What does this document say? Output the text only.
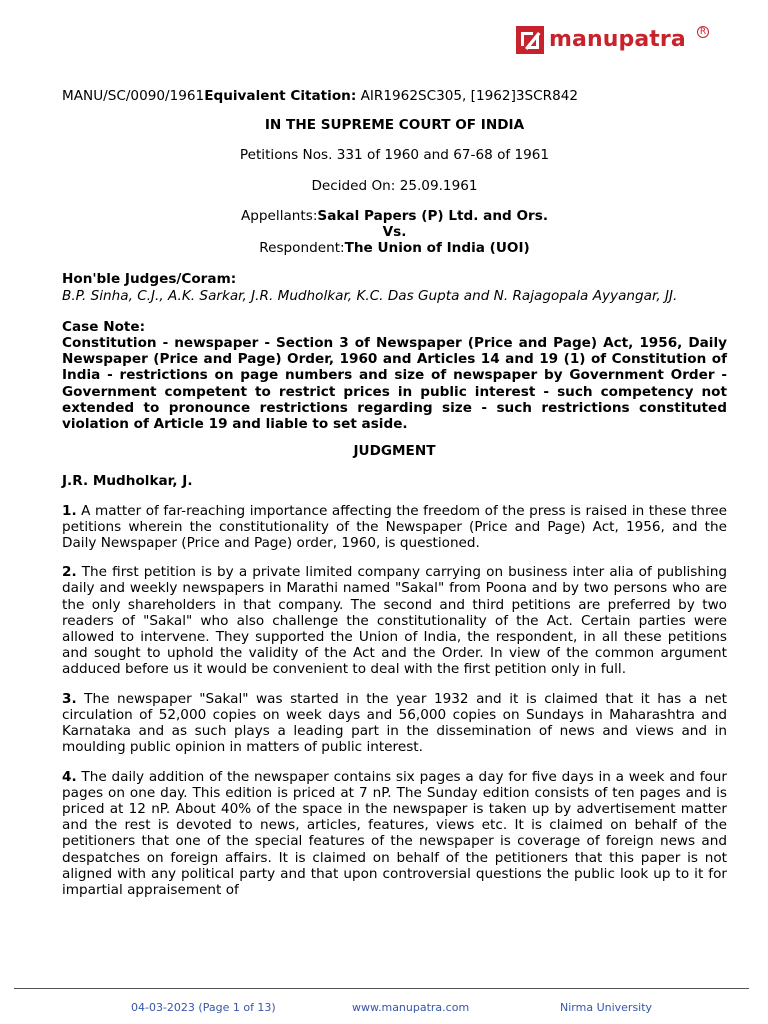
manupatra	R

MANU/SC/0090/1961Equivalent Citation: AIR1962SC305, [1962]3SCR842

IN THE SUPREME COURT OF INDIA

Petitions Nos. 331 of 1960 and 67-68 of 1961

Decided On: 25.09.1961

Appellants:Sakal Papers (P) Ltd. and Ors.

Vs.

Respondent:The Union of India (UOI)

Hon'ble Judges/Coram:

B.P. Sinha, C.J., A.K. Sarkar, J.R. Mudholkar, K.C. Das Gupta and N. Rajagopala Ayyangar, JJ.

Case Note:

Constitution - newspaper - Section 3 of Newspaper (Price and Page) Act, 1956, Daily Newspaper (Price and Page) Order, 1960 and Articles 14 and 19 (1) of Constitution of India - restrictions on page numbers and size of newspaper by Government Order - Government competent to restrict prices in public interest - such competency not extended to pronounce restrictions regarding size - such restrictions constituted violation of Article 19 and liable to set aside.

JUDGMENT

J.R. Mudholkar, J.

1. A matter of far-reaching importance affecting the freedom of the press is raised in these three petitions wherein the constitutionality of the Newspaper (Price and Page) Act, 1956, and the Daily Newspaper (Price and Page) order, 1960, is questioned.

2. The first petition is by a private limited company carrying on business inter alia of publishing daily and weekly newspapers in Marathi named "Sakal" from Poona and by two persons who are the only shareholders in that company. The second and third petitions are preferred by two readers of "Sakal" who also challenge the constitutionality of the Act. Certain parties were allowed to intervene. They supported the Union of India, the respondent, in all these petitions and sought to uphold the validity of the Act and the Order. In view of the common argument adduced before us it would be convenient to deal with the first petition only in full.

3. The newspaper "Sakal" was started in the year 1932 and it is claimed that it has a net circulation of 52,000 copies on week days and 56,000 copies on Sundays in Maharashtra and Karnataka and as such plays a leading part in the dissemination of news and views and in moulding public opinion in matters of public interest.

4. The daily addition of the newspaper contains six pages a day for five days in a week and four pages on one day. This edition is priced at 7 nP. The Sunday edition consists of ten pages and is priced at 12 nP. About 40% of the space in the newspaper is taken up by advertisement matter and the rest is devoted to news, articles, features, views etc. It is claimed on behalf of the petitioners that one of the special features of the newspaper is coverage of foreign news and despatches on foreign affairs. It is claimed on behalf of the petitioners that this paper is not aligned with any political party and that upon controversial questions the public look up to it for impartial appraisement of

04-03-2023 (Page 1 of 13)	www.manupatra.com	Nirma University
